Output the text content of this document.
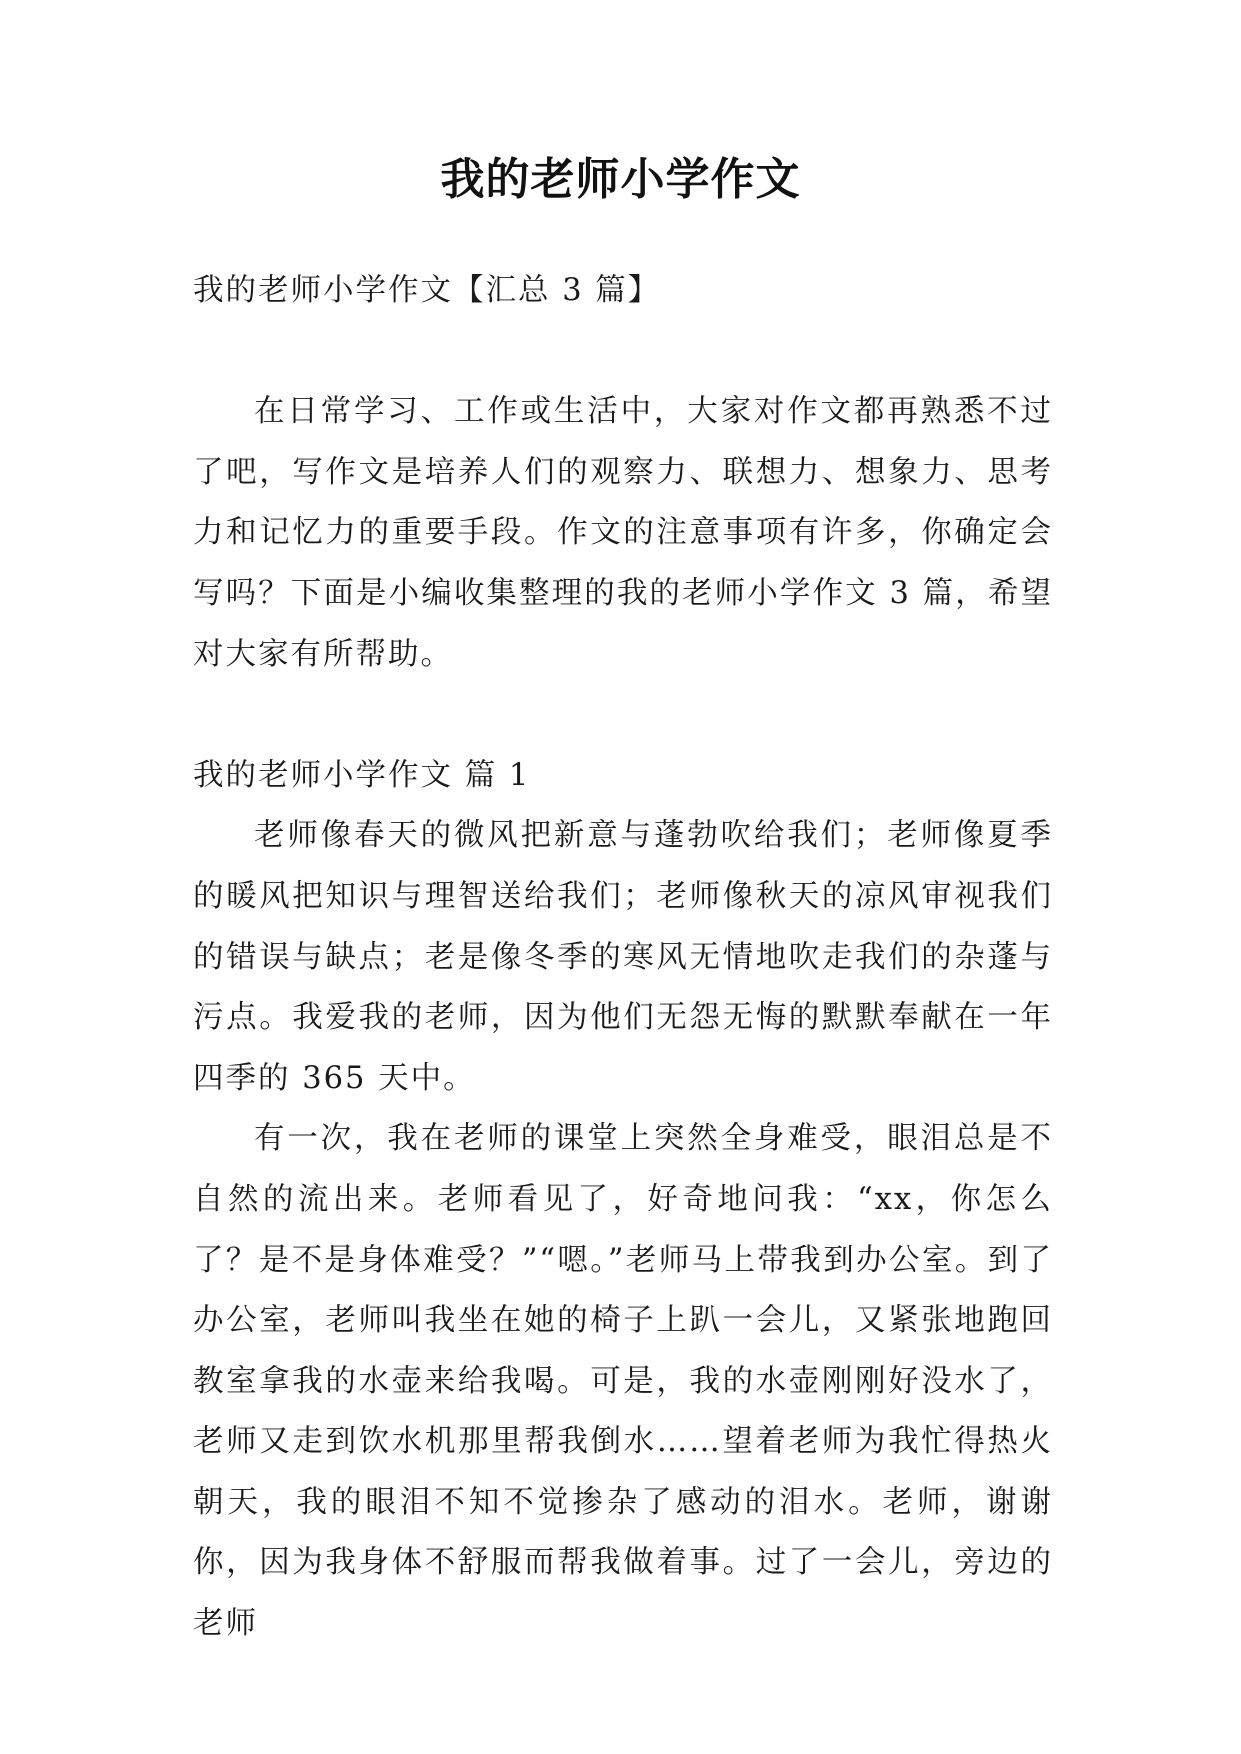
我的老师小学作文

我的老师小学作文【汇总 3 篇】

在日常学习、工作或生活中，大家对作文都再熟悉不过了吧，写作文是培养人们的观察力、联想力、想象力、思考力和记忆力的重要手段。作文的注意事项有许多，你确定会写吗？下面是小编收集整理的我的老师小学作文 3 篇，希望对大家有所帮助。

我的老师小学作文 篇 1

老师像春天的微风把新意与蓬勃吹给我们；老师像夏季的暖风把知识与理智送给我们；老师像秋天的凉风审视我们的错误与缺点；老是像冬季的寒风无情地吹走我们的杂蓬与污点。我爱我的老师，因为他们无怨无悔的默默奉献在一年四季的 365 天中。

有一次，我在老师的课堂上突然全身难受，眼泪总是不自然的流出来。老师看见了，好奇地问我：“xx，你怎么了？是不是身体难受？”“嗯。”老师马上带我到办公室。到了办公室，老师叫我坐在她的椅子上趴一会儿，又紧张地跑回教室拿我的水壶来给我喝。可是，我的水壶刚刚好没水了，老师又走到饮水机那里帮我倒水……望着老师为我忙得热火朝天，我的眼泪不知不觉掺杂了感动的泪水。老师，谢谢你，因为我身体不舒服而帮我做着事。过了一会儿，旁边的老师
